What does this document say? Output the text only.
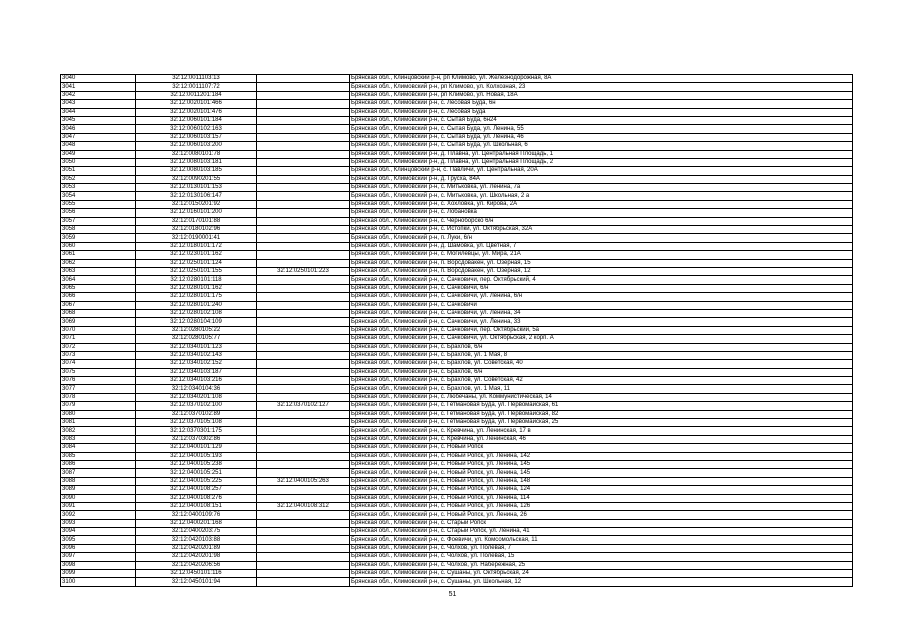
3040	32:12:0011103:13		Брянская обл., Клинцовский р-н, рп Климово, ул. Железнодорожная, 8А
3041	32:12:0011107:72		Брянская обл., Климовский р-н, рп Климово, ул. Колхозная, 23
3042	32:12:0011201:184		Брянская обл., Климовский р-н, рп Климово, ул. Новая, 18А
3043	32:12:0020101:466		Брянская обл., Климовский р-н, с. Лесовая Буда, 6н
3044	32:12:0020101:476		Брянская обл., Климовский р-н, с. Лесовая Буда
3045	32:12:0060101:184		Брянская обл., Климовский р-н, с. Сытая Буда, 6н24
3046	32:12:0060102:163		Брянская обл., Климовский р-н, с. Сытая Буда, ул. Ленина, 55
3047	32:12:0060103:157		Брянская обл., Климовский р-н, с. Сытая Буда, ул. Ленина, 46
3048	32:12:0060103:200		Брянская обл., Климовский р-н, с. Сытая Буда, ул. Школьная, 6
3049	32:12:0080101:78		Брянская обл., Климовский р-н, д. Плавна, ул. Центральная Площадь, 1
3050	32:12:0080103:181		Брянская обл., Климовский р-н, д. Плавна, ул. Центральная Площадь, 2
3051	32:12:0080103:185		Брянская обл., Клинцовский р-н, с. Павличи, ул. Центральная, 20А
3052	32:12:0090201:55		Брянская обл., Климовский р-н, д. Грусха, 84А
3053	32:12:0130101:153		Брянская обл., Климовский р-н, с. Митьковка, ул. Ленина, 7а
3054	32:12:0130106:147		Брянская обл., Климовский р-н, с. Митьковка, ул. Школьная, 2 а
3055	32:12:0150201:92		Брянская обл., Климовский р-н, с. Хохловка, ул. Кирова, 2А
3056	32:12:0160101:200		Брянская обл., Климовский р-н, с. Лобановка
3057	32:12:0170101:88		Брянская обл., Климовский р-н, с. Черноборско 6/н
3058	32:12:0180102:96		Брянская обл., Климовский р-н, с. Истопки, ул. Октябрьская, 32А
3059	32:12:0190001:41		Брянская обл., Климовский р-н, п. Луки, 6/н
3060	32:12:0180101:172		Брянская обл., Климовский р-н, д. Шамовка, ул. Цветная, 7
3061	32:12:0230101:162		Брянская обл., Климовский р-н, с. Могилевцы, ул. Мира, 21А
3062	32:12:0250101:124		Брянская обл., Климовский р-н, п. Ворсдовакен, ул. Озерная, 15
3063	32:12:0250101:155	32:12:0250101:223	Брянская обл., Климовский р-н, п. Ворсдовакен, ул. Озерная, 12
3064	32:12:0280101:118		Брянская обл., Климовский р-н, с. Сачковичи, пер. Октябрьский, 4
3065	32:12:0280101:162		Брянская обл., Климовский р-н, с. Сачковичи, 6/н
3066	32:12:0280101:175		Брянская обл., Климовский р-н, с. Сачковичи, ул. Ленина, 6/н
3067	32:12:0280101:240		Брянская обл., Климовский р-н, с. Сачковичи
3068	32:12:0280102:108		Брянская обл., Климовский р-н, с. Сачковичи, ул. Ленина, 34
3069	32:12:0280104:109		Брянская обл., Климовский р-н, с. Сачковичи, ул. Ленина, 33
3070	32:12:0280105:22		Брянская обл., Климовский р-н, с. Сачковичи, пер. Октябрьский, 5а
3071	32:12:0280105:77		Брянская обл., Климовский р-н, с. Сачковичи, ул. Октябрьская, 2 корп. А
3072	32:12:0340101:123		Брянская обл., Климовский р-н, с. Брахлов, 6/н
3073	32:12:0340102:143		Брянская обл., Климовский р-н, с. Брахлов, ул. 1 Мая, 8
3074	32:12:0340102:152		Брянская обл., Климовский р-н, с. Брахлов, ул. Советская, 40
3075	32:12:0340103:187		Брянская обл., Климовский р-н, с. Брахлов, 6/н
3076	32:12:0340103:216		Брянская обл., Климовский р-н, с. Брахлов, ул. Советская, 42
3077	32:12:0340104:36		Брянская обл., Климовский р-н, с. Брахлов, ул. 1 Мая, 11
3078	32:12:0340201:108		Брянская обл., Климовский р-н, с. Любечаны, ул. Коммунистическая, 14
3079	32:12:0370102:100	32:12:0370102:127	Брянская обл., Климовский р-н, с. Гетмановая Буда, ул. Первомайская, 61
3080	32:12:0370102:89		Брянская обл., Климовский р-н, с. Гетмановая Буда, ул. Первомайская, 82
3081	32:12:0370105:108		Брянская обл., Климовский р-н, с. Гетмановая Буда, ул. Первомайская, 25
3082	32:12:0370301:175		Брянская обл., Климовский р-н, с. Кревчина, ул. Ленинская, 17 в
3083	32:12:0370302:86		Брянская обл., Климовский р-н, с. Кревчина, ул. Ленинская, 46
3084	32:12:0400101:129		Брянская обл., Климовский р-н, с. Новый Ропск
3085	32:12:0400105:193		Брянская обл., Климовский р-н, с. Новый Ропск, ул. Ленина, 142
3086	32:12:0400105:238		Брянская обл., Климовский р-н, с. Новый Ропск, ул. Ленина, 145
3087	32:12:0400105:251		Брянская обл., Климовский р-н, с. Новый Ропск, ул. Ленина, 145
3088	32:12:0400105:225	32:12:0400105:263	Брянская обл., Климовский р-н, с. Новый Ропск, ул. Ленина, 148
3089	32:12:0400108:257		Брянская обл., Климовский р-н, с. Новый Ропск, ул. Ленина, 124
3090	32:12:0400108:276		Брянская обл., Климовский р-н, с. Новый Ропск, ул. Ленина, 114
3091	32:12:0400108:151	32:12:0400108:312	Брянская обл., Климовский р-н, с. Новый Ропск, ул. Ленина, 126
3092	32:12:0400109:76		Брянская обл., Климовский р-н, с. Новый Ропск, ул. Ленина, 26
3093	32:12:0400201:168		Брянская обл., Климовский р-н, с. Старый Ропск
3094	32:12:0400203:75		Брянская обл., Климовский р-н, с. Старый Ропск, ул. Ленина, 41
3095	32:12:0420103:88		Брянская обл., Климовский р-н, с. Фоевичи, ул. Комсомольская, 11
3096	32:12:0420201:89		Брянская обл., Климовский р-н, с. Чолхов, ул. Полевая, 7
3097	32:12:0420201:98		Брянская обл., Климовский р-н, с. Чолхов, ул. Полевая, 15
3098	32:12:0420206:56		Брянская обл., Климовский р-н, с. Чолхов, ул. Набережная, 25
3099	32:12:0450101:116		Брянская обл., Климовский р-н, с. Сушаны, ул. Октябрьская, 24
3100	32:12:0450101:94		Брянская обл., Климовский р-н, с. Сушаны, ул. Школьная, 12
51
